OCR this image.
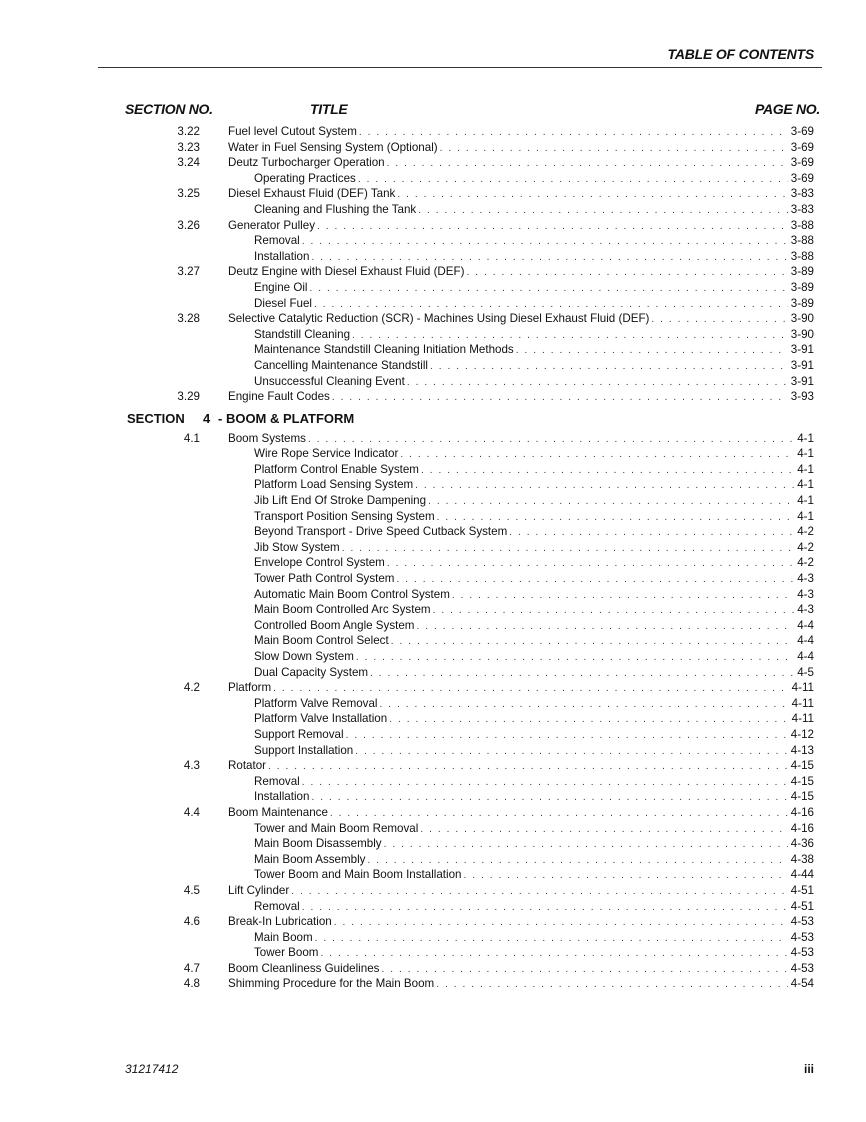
TABLE OF CONTENTS
SECTION NO.	TITLE	PAGE NO.
3.22 Fuel level Cutout System . . .	3-69
3.23 Water in Fuel Sensing System (Optional) . . .	3-69
3.24 Deutz Turbocharger Operation . . .	3-69
Operating Practices . . .	3-69
3.25 Diesel Exhaust Fluid (DEF) Tank . . .	3-83
Cleaning and Flushing the Tank . . .	3-83
3.26 Generator Pulley . . .	3-88
Removal . . .	3-88
Installation . . .	3-88
3.27 Deutz Engine with Diesel Exhaust Fluid (DEF) . . .	3-89
Engine Oil . . .	3-89
Diesel Fuel . . .	3-89
3.28 Selective Catalytic Reduction (SCR) - Machines Using Diesel Exhaust Fluid (DEF) . . .	3-90
Standstill Cleaning . . .	3-90
Maintenance Standstill Cleaning Initiation Methods . . .	3-91
Cancelling Maintenance Standstill . . .	3-91
Unsuccessful Cleaning Event . . .	3-91
3.29 Engine Fault Codes . . .	3-93
SECTION 4 - BOOM & PLATFORM
4.1 Boom Systems . . .	4-1
Wire Rope Service Indicator . . .	4-1
Platform Control Enable System . . .	4-1
Platform Load Sensing System . . .	4-1
Jib Lift End Of Stroke Dampening . . .	4-1
Transport Position Sensing System . . .	4-1
Beyond Transport - Drive Speed Cutback System . . .	4-2
Jib Stow System . . .	4-2
Envelope Control System . . .	4-2
Tower Path Control System . . .	4-3
Automatic Main Boom Control System . . .	4-3
Main Boom Controlled Arc System . . .	4-3
Controlled Boom Angle System . . .	4-4
Main Boom Control Select . . .	4-4
Slow Down System . . .	4-4
Dual Capacity System . . .	4-5
4.2 Platform . . .	4-11
Platform Valve Removal . . .	4-11
Platform Valve Installation . . .	4-11
Support Removal . . .	4-12
Support Installation . . .	4-13
4.3 Rotator . . .	4-15
Removal . . .	4-15
Installation . . .	4-15
4.4 Boom Maintenance . . .	4-16
Tower and Main Boom Removal . . .	4-16
Main Boom Disassembly . . .	4-36
Main Boom Assembly . . .	4-38
Tower Boom and Main Boom Installation . . .	4-44
4.5 Lift Cylinder . . .	4-51
Removal . . .	4-51
4.6 Break-In Lubrication . . .	4-53
Main Boom . . .	4-53
Tower Boom . . .	4-53
4.7 Boom Cleanliness Guidelines . . .	4-53
4.8 Shimming Procedure for the Main Boom . . .	4-54
31217412	iii
